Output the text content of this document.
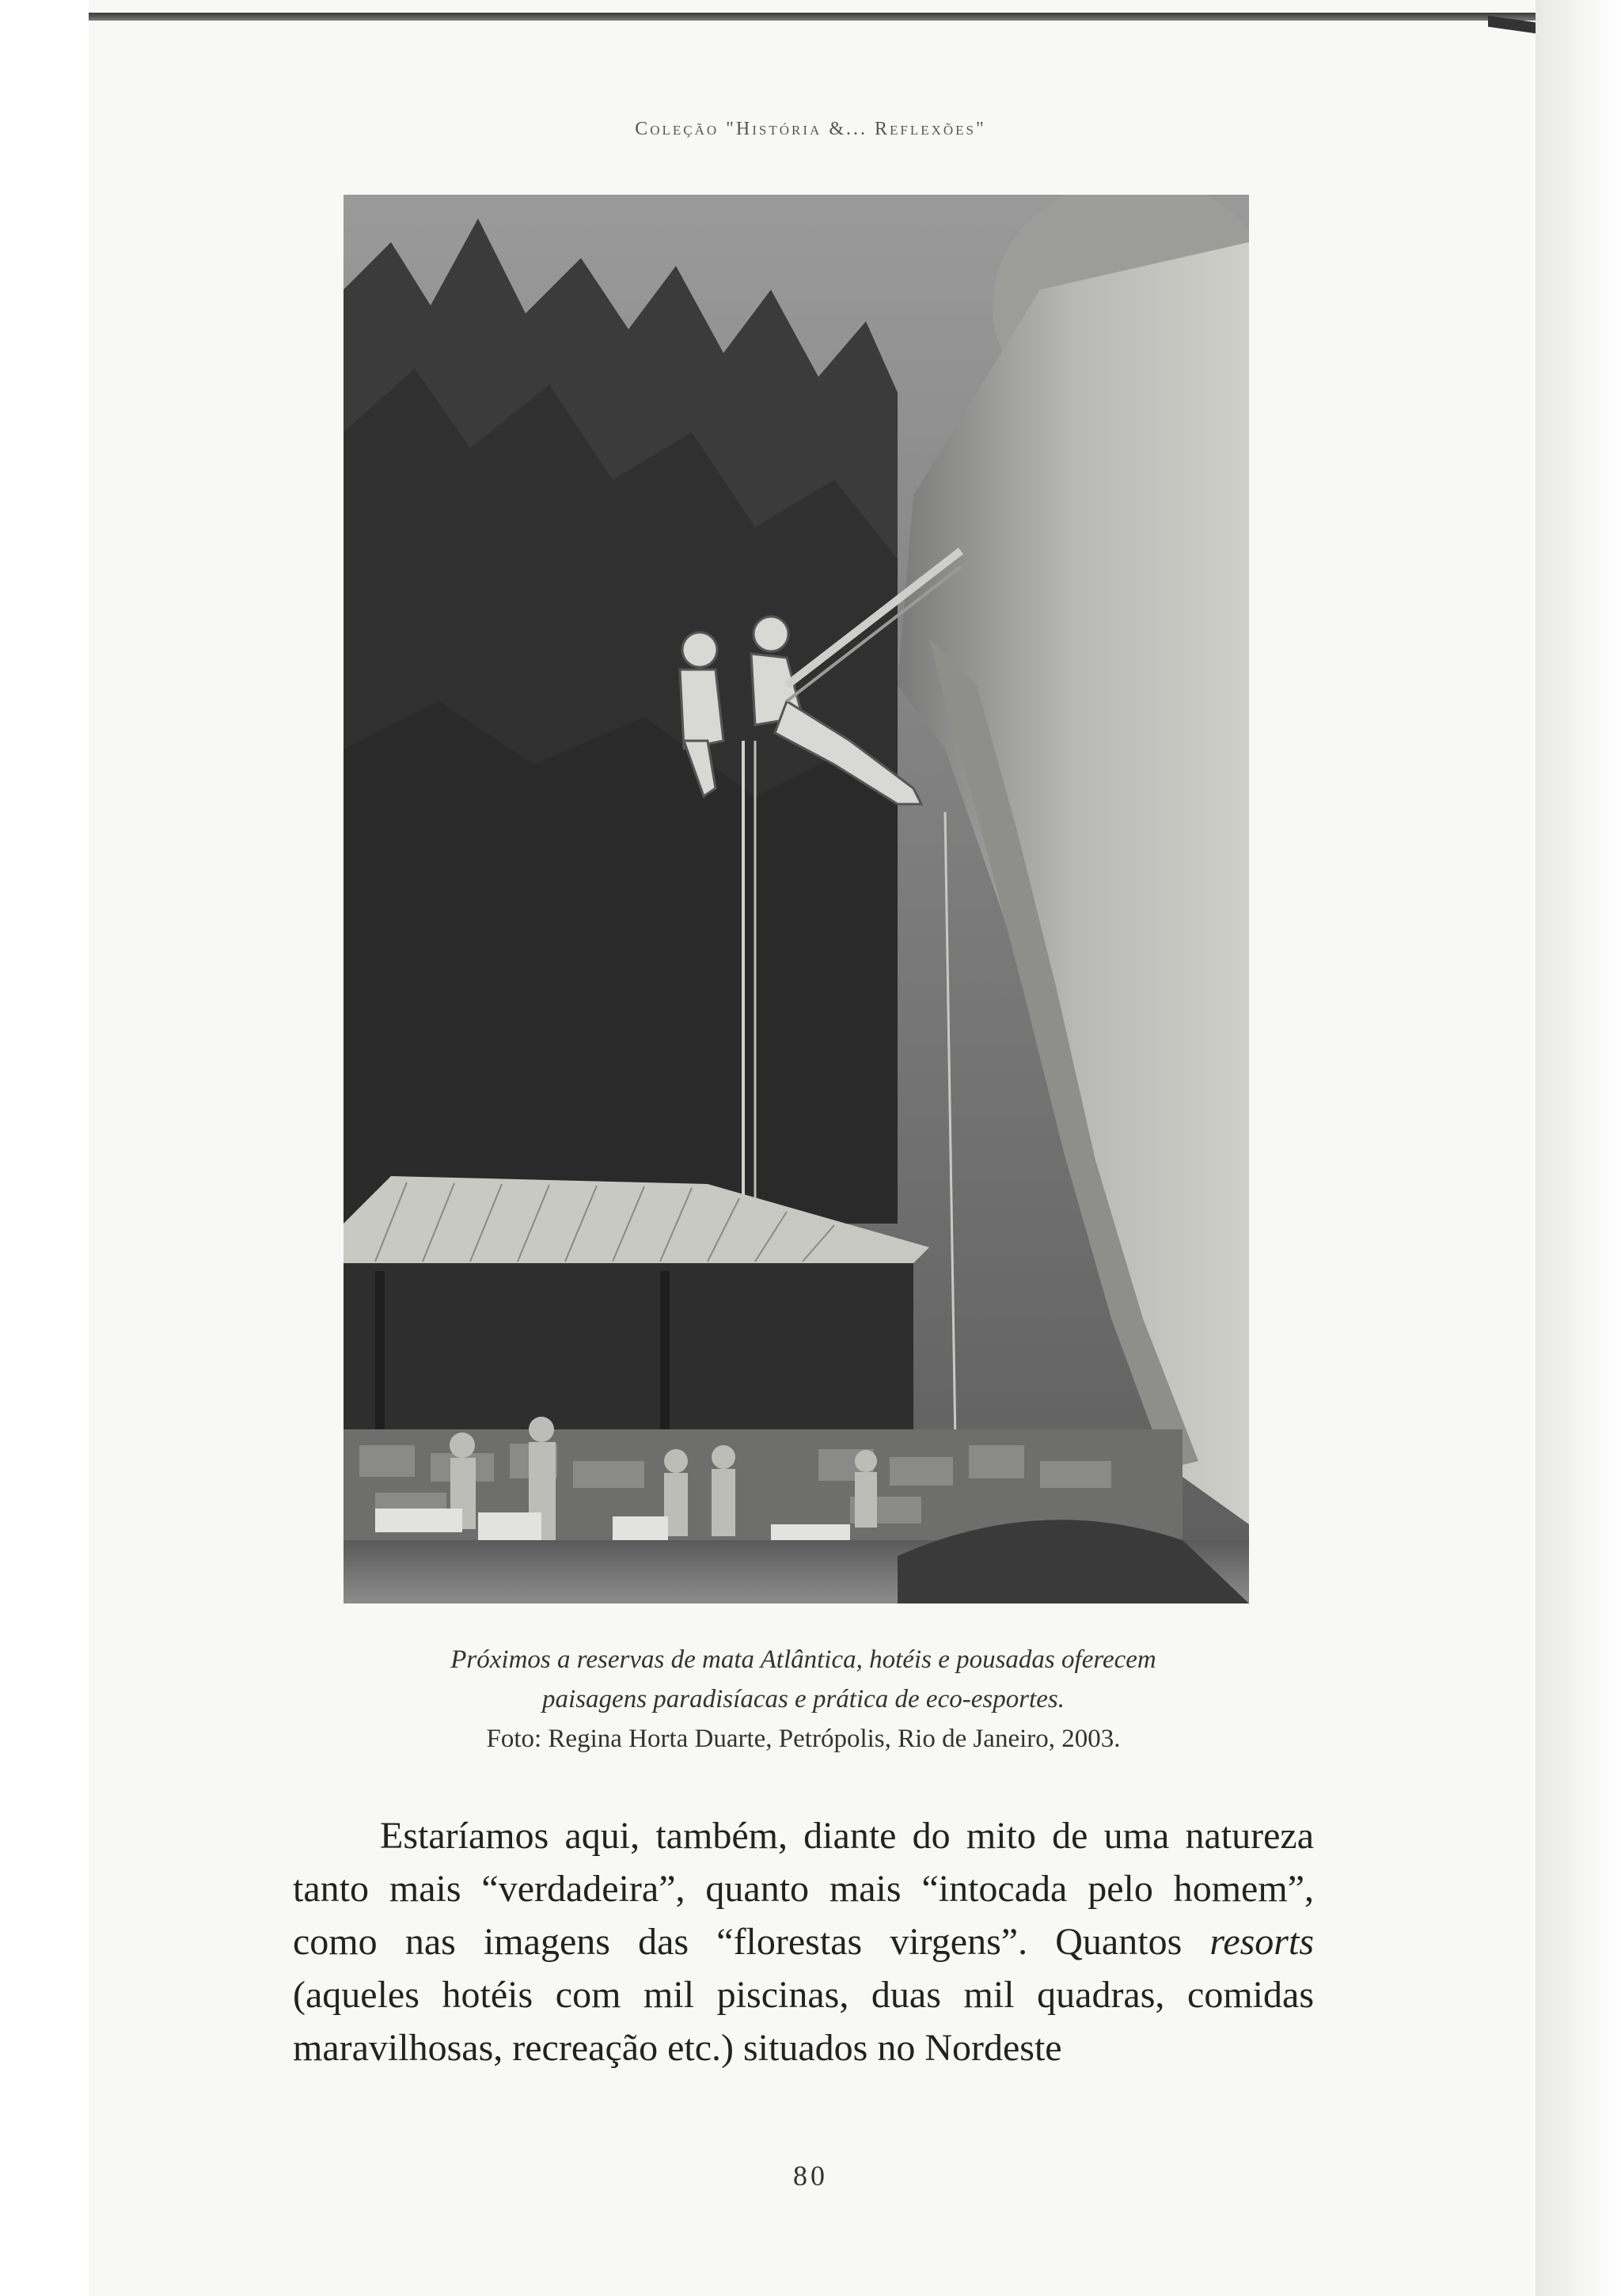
Coleção "História &... Reflexões"
Próximos a reservas de mata Atlântica, hotéis e pousadas oferecem
paisagens paradisíacas e prática de eco-esportes.
Foto: Regina Horta Duarte, Petrópolis, Rio de Janeiro, 2003.
Estaríamos aqui, também, diante do mito de uma natureza tanto mais “verdadeira”, quanto mais “intocada pelo homem”, como nas imagens das “florestas virgens”. Quantos resorts (aqueles hotéis com mil piscinas, duas mil quadras, comidas maravilhosas, recreação etc.) situados no Nordeste
80
